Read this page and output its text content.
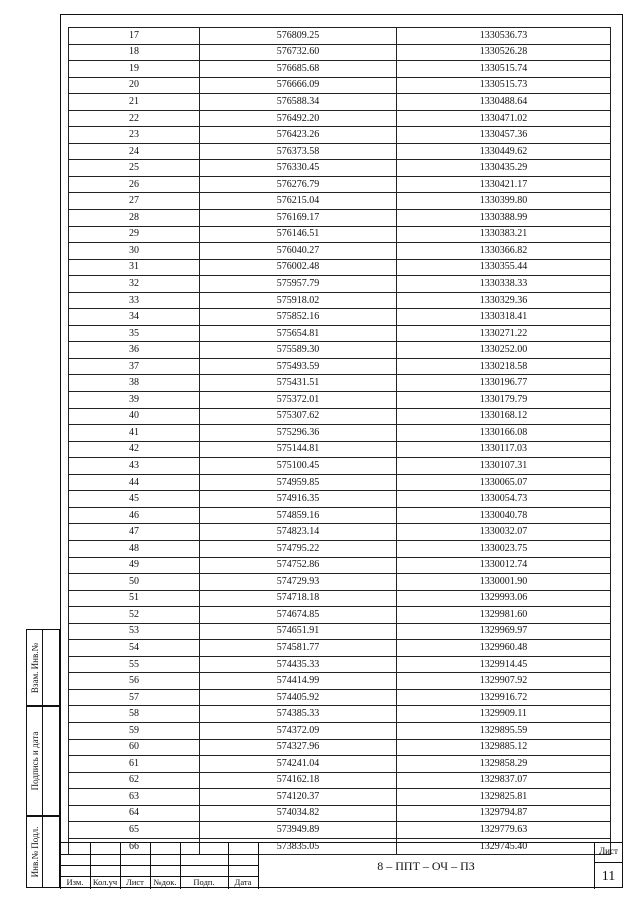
17	576809.25	1330536.73
18	576732.60	1330526.28
19	576685.68	1330515.74
20	576666.09	1330515.73
21	576588.34	1330488.64
22	576492.20	1330471.02
23	576423.26	1330457.36
24	576373.58	1330449.62
25	576330.45	1330435.29
26	576276.79	1330421.17
27	576215.04	1330399.80
28	576169.17	1330388.99
29	576146.51	1330383.21
30	576040.27	1330366.82
31	576002.48	1330355.44
32	575957.79	1330338.33
33	575918.02	1330329.36
34	575852.16	1330318.41
35	575654.81	1330271.22
36	575589.30	1330252.00
37	575493.59	1330218.58
38	575431.51	1330196.77
39	575372.01	1330179.79
40	575307.62	1330168.12
41	575296.36	1330166.08
42	575144.81	1330117.03
43	575100.45	1330107.31
44	574959.85	1330065.07
45	574916.35	1330054.73
46	574859.16	1330040.78
47	574823.14	1330032.07
48	574795.22	1330023.75
49	574752.86	1330012.74
50	574729.93	1330001.90
51	574718.18	1329993.06
52	574674.85	1329981.60
53	574651.91	1329969.97
54	574581.77	1329960.48
55	574435.33	1329914.45
56	574414.99	1329907.92
57	574405.92	1329916.72
58	574385.33	1329909.11
59	574372.09	1329895.59
60	574327.96	1329885.12
61	574241.04	1329858.29
62	574162.18	1329837.07
63	574120.37	1329825.81
64	574034.82	1329794.87
65	573949.89	1329779.63
66	573835.05	1329745.40
Взам. Инв.№
Подпись и дата
Инв.№ Подл.
Изм.	Кол.уч	Лист	№док.	Подп.	Дата
8 – ППТ – ОЧ – ПЗ
Лист
11
